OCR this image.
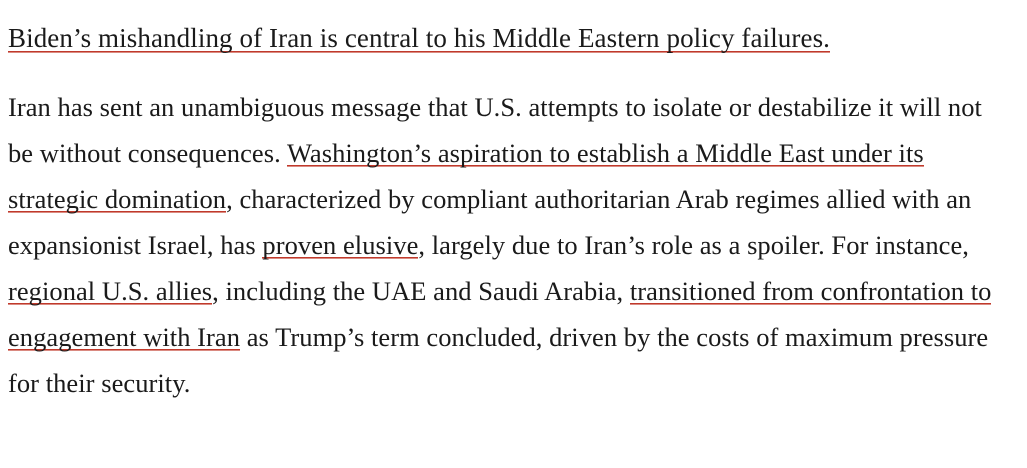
Biden’s mishandling of Iran is central to his Middle Eastern policy failures.

Iran has sent an unambiguous message that U.S. attempts to isolate or destabilize it will not be without consequences. Washington’s aspiration to establish a Middle East under its strategic domination, characterized by compliant authoritarian Arab regimes allied with an expansionist Israel, has proven elusive, largely due to Iran’s role as a spoiler. For instance, regional U.S. allies, including the UAE and Saudi Arabia, transitioned from confrontation to engagement with Iran as Trump’s term concluded, driven by the costs of maximum pressure for their security.
